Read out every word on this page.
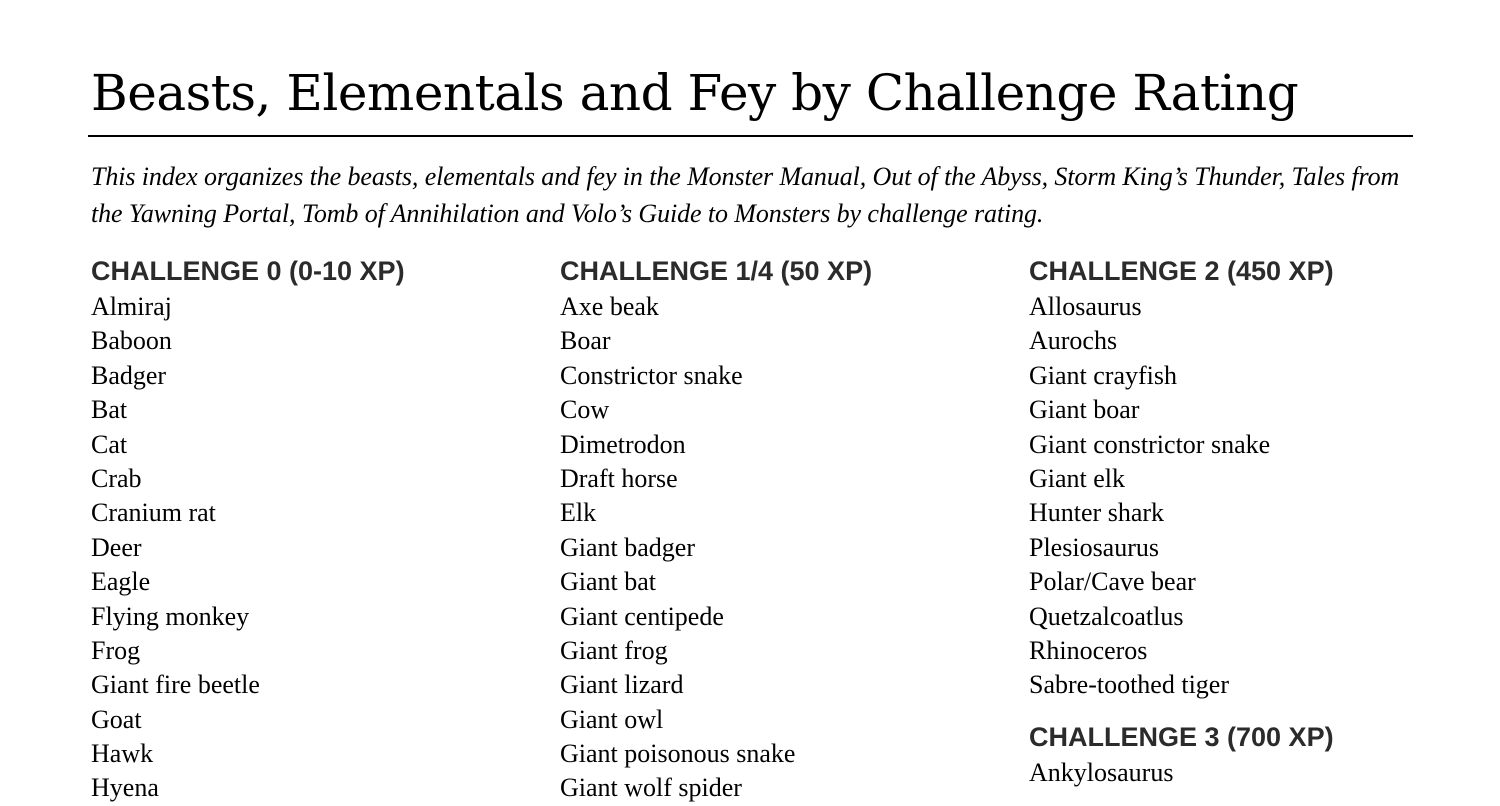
Beasts, Elementals and Fey by Challenge Rating

This index organizes the beasts, elementals and fey in the Monster Manual, Out of the Abyss, Storm King’s Thunder, Tales from the Yawning Portal, Tomb of Annihilation and Volo’s Guide to Monsters by challenge rating.

CHALLENGE 0 (0-10 XP)
Almiraj
Baboon
Badger
Bat
Cat
Crab
Cranium rat
Deer
Eagle
Flying monkey
Frog
Giant fire beetle
Goat
Hawk
Hyena
CHALLENGE 1/4 (50 XP)
Axe beak
Boar
Constrictor snake
Cow
Dimetrodon
Draft horse
Elk
Giant badger
Giant bat
Giant centipede
Giant frog
Giant lizard
Giant owl
Giant poisonous snake
Giant wolf spider
CHALLENGE 2 (450 XP)
Allosaurus
Aurochs
Giant crayfish
Giant boar
Giant constrictor snake
Giant elk
Hunter shark
Plesiosaurus
Polar/Cave bear
Quetzalcoatlus
Rhinoceros
Sabre-toothed tiger
CHALLENGE 3 (700 XP)
Ankylosaurus
